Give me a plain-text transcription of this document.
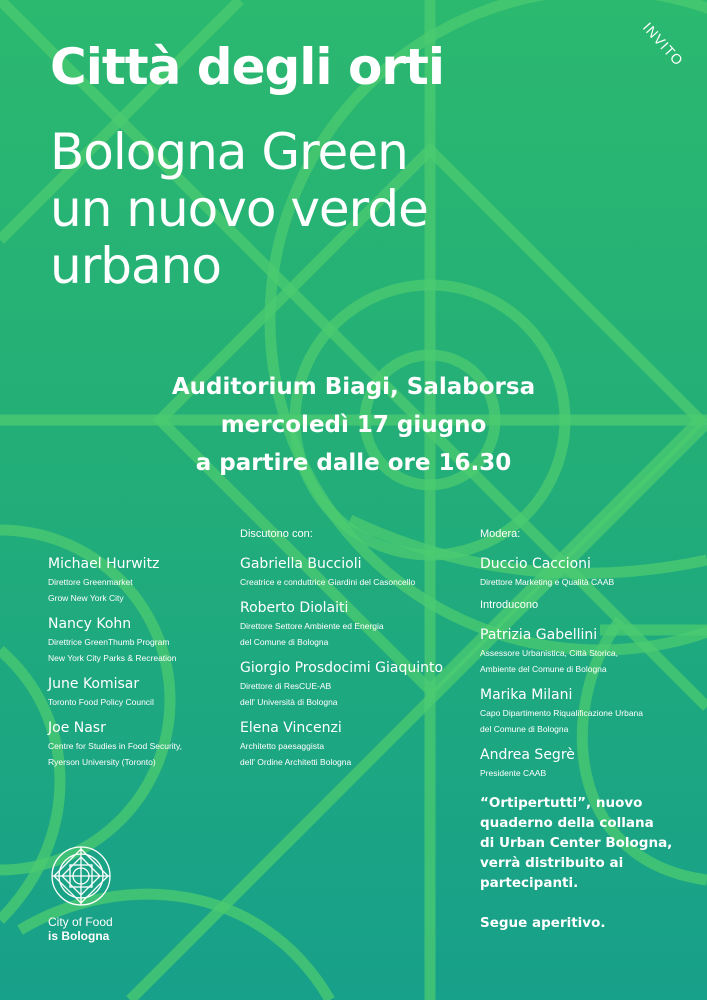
INVITO
Città degli orti
Bologna Green
un nuovo verde
urbano
Auditorium Biagi, Salaborsa
mercoledì 17 giugno
a partire dalle ore 16.30
Michael Hurwitz
Direttore Greenmarket
Grow New York City
Nancy Kohn
Direttrice GreenThumb Program
New York City Parks & Recreation
June Komisar
Toronto Food Policy Council
Joe Nasr
Centre for Studies in Food Security,
Ryerson University (Toronto)
Discutono con:
Gabriella Buccioli
Creatrice e conduttrice Giardini del Casoncello
Roberto Diolaiti
Direttore Settore Ambiente ed Energia
del Comune di Bologna
Giorgio Prosdocimi Giaquinto
Direttore di ResCUE-AB
dell' Università di Bologna
Elena Vincenzi
Architetto paesaggista
dell' Ordine Architetti Bologna
Modera:
Duccio Caccioni
Direttore Marketing e Qualità CAAB
Introducono
Patrizia Gabellini
Assessore Urbanistica, Città Storica,
Ambiente del Comune di Bologna
Marika Milani
Capo Dipartimento Riqualificazione Urbana
del Comune di Bologna
Andrea Segrè
Presidente CAAB
“Ortipertutti”, nuovo
quaderno della collana
di Urban Center Bologna,
verrà distribuito ai
partecipanti.
Segue aperitivo.
City of Food
is Bologna
